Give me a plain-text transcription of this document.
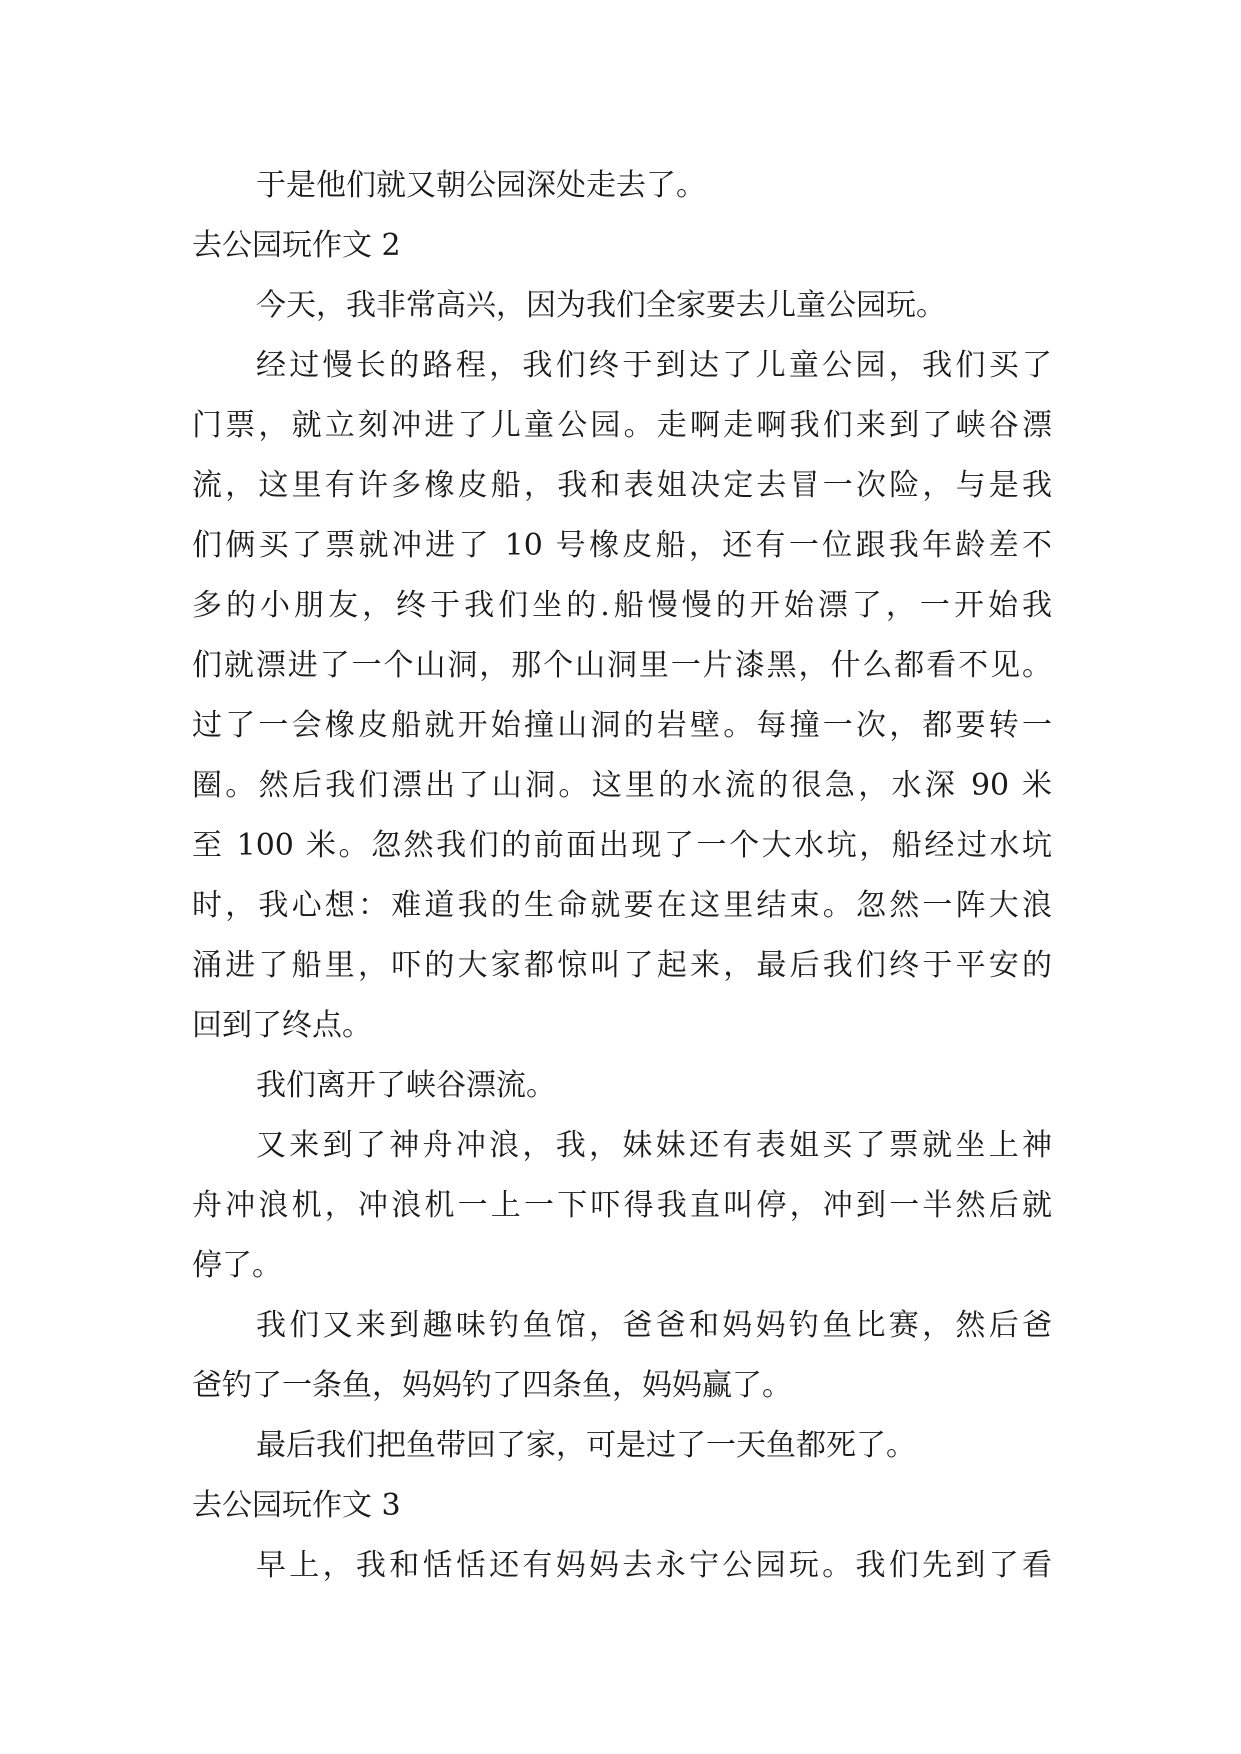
于是他们就又朝公园深处走去了。
去公园玩作文 2
今天，我非常高兴，因为我们全家要去儿童公园玩。
经过慢长的路程，我们终于到达了儿童公园，我们买了
门票，就立刻冲进了儿童公园。走啊走啊我们来到了峡谷漂
流，这里有许多橡皮船，我和表姐决定去冒一次险，与是我
们俩买了票就冲进了 10 号橡皮船，还有一位跟我年龄差不
多的小朋友，终于我们坐的.船慢慢的开始漂了，一开始我
们就漂进了一个山洞，那个山洞里一片漆黑，什么都看不见。
过了一会橡皮船就开始撞山洞的岩壁。每撞一次，都要转一
圈。然后我们漂出了山洞。这里的水流的很急，水深 90 米
至 100 米。忽然我们的前面出现了一个大水坑，船经过水坑
时，我心想：难道我的生命就要在这里结束。忽然一阵大浪
涌进了船里，吓的大家都惊叫了起来，最后我们终于平安的
回到了终点。
我们离开了峡谷漂流。
又来到了神舟冲浪，我，妹妹还有表姐买了票就坐上神
舟冲浪机，冲浪机一上一下吓得我直叫停，冲到一半然后就
停了。
我们又来到趣味钓鱼馆，爸爸和妈妈钓鱼比赛，然后爸
爸钓了一条鱼，妈妈钓了四条鱼，妈妈赢了。
最后我们把鱼带回了家，可是过了一天鱼都死了。
去公园玩作文 3
早上，我和恬恬还有妈妈去永宁公园玩。我们先到了看
